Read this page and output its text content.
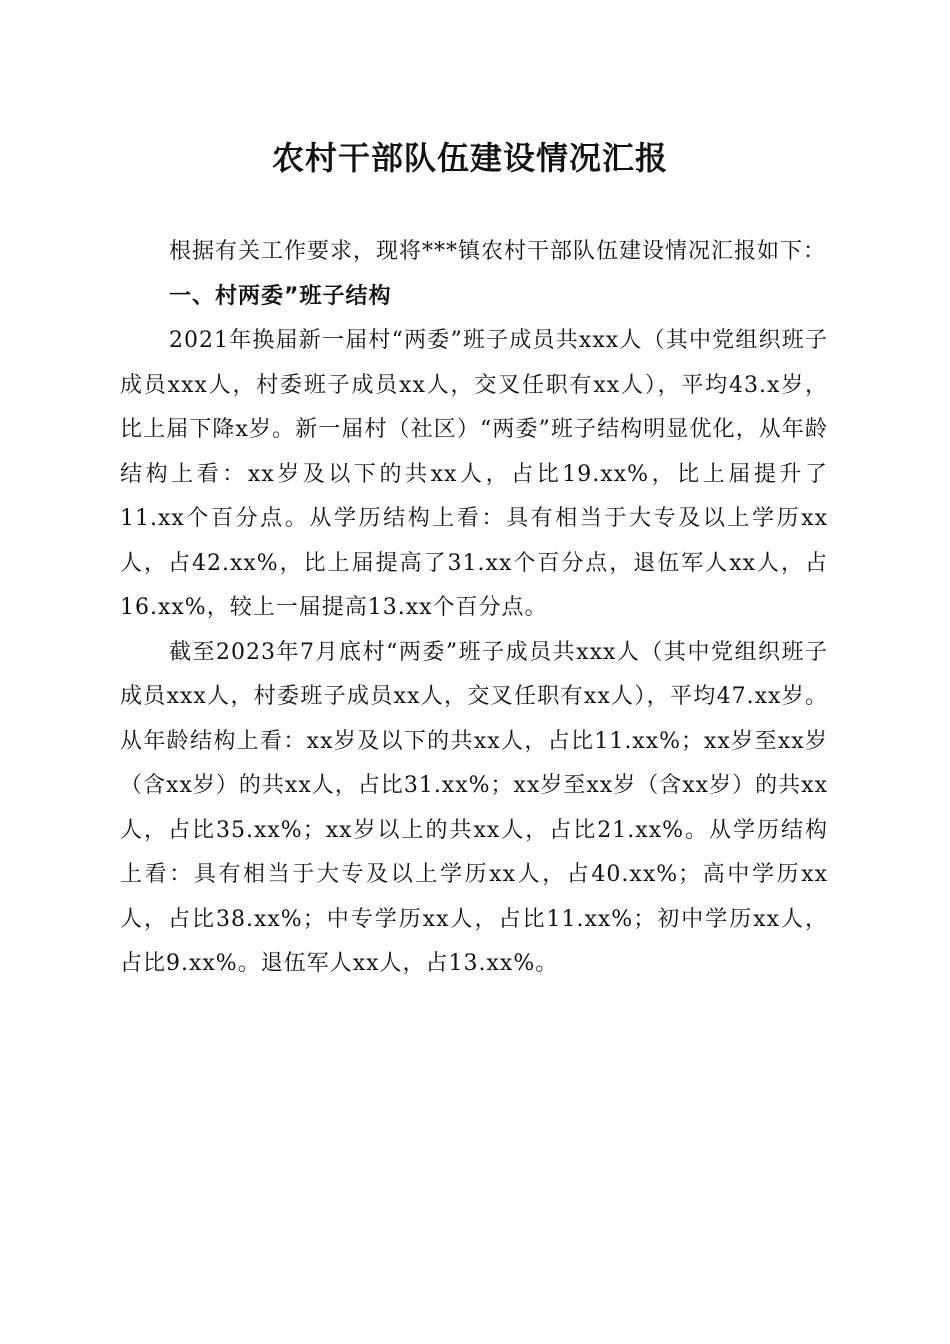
农村干部队伍建设情况汇报

根据有关工作要求，现将***镇农村干部队伍建设情况汇报如下：

一、村两委”班子结构

2021年换届新一届村“两委”班子成员共xxx人（其中党组织班子成员xxx人，村委班子成员xx人，交叉任职有xx人），平均43.x岁，比上届下降x岁。新一届村（社区）“两委”班子结构明显优化，从年龄结构上看：xx岁及以下的共xx人，占比19.xx%，比上届提升了11.xx个百分点。从学历结构上看：具有相当于大专及以上学历xx人，占42.xx%，比上届提高了31.xx个百分点，退伍军人xx人，占16.xx%，较上一届提高13.xx个百分点。

截至2023年7月底村“两委”班子成员共xxx人（其中党组织班子成员xxx人，村委班子成员xx人，交叉任职有xx人），平均47.xx岁。从年龄结构上看：xx岁及以下的共xx人，占比11.xx%；xx岁至xx岁（含xx岁）的共xx人，占比31.xx%；xx岁至xx岁（含xx岁）的共xx人，占比35.xx%；xx岁以上的共xx人，占比21.xx%。从学历结构上看：具有相当于大专及以上学历xx人，占40.xx%；高中学历xx人，占比38.xx%；中专学历xx人，占比11.xx%；初中学历xx人，占比9.xx%。退伍军人xx人，占13.xx%。
